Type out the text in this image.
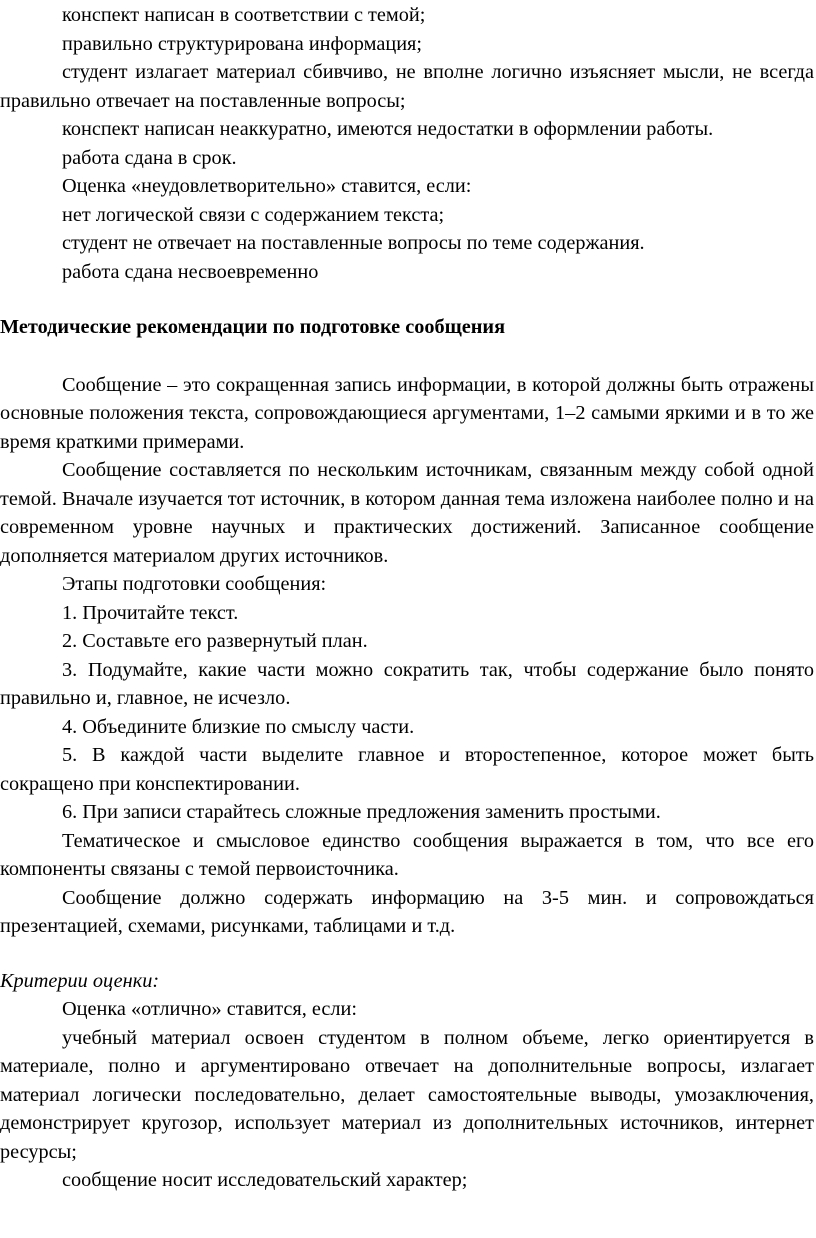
конспект написан в соответствии с темой;

правильно структурирована информация;

студент излагает материал сбивчиво, не вполне логично изъясняет мысли, не всегда правильно отвечает на поставленные вопросы;

конспект написан неаккуратно, имеются недостатки в оформлении работы.

работа сдана в срок.

Оценка «неудовлетворительно» ставится, если:

нет логической связи с содержанием текста;

студент не отвечает на поставленные вопросы по теме содержания.

работа сдана несвоевременно

Методические рекомендации по подготовке сообщения

Сообщение – это сокращенная запись информации, в которой должны быть отражены основные положения текста, сопровождающиеся аргументами, 1–2 самыми яркими и в то же время краткими примерами.

Сообщение составляется по нескольким источникам, связанным между собой одной темой. Вначале изучается тот источник, в котором данная тема изложена наиболее полно и на современном уровне научных и практических достижений. Записанное сообщение дополняется материалом других источников.

Этапы подготовки сообщения:

1. Прочитайте текст.

2. Составьте его развернутый план.

3. Подумайте, какие части можно сократить так, чтобы содержание было понято правильно и, главное, не исчезло.

4. Объедините близкие по смыслу части.

5. В каждой части выделите главное и второстепенное, которое может быть сокращено при конспектировании.

6. При записи старайтесь сложные предложения заменить простыми.

Тематическое и смысловое единство сообщения выражается в том, что все его компоненты связаны с темой первоисточника.

Сообщение должно содержать информацию на 3-5 мин. и сопровождаться презентацией, схемами, рисунками, таблицами и т.д.

Критерии оценки:

Оценка «отлично» ставится, если:

учебный материал освоен студентом в полном объеме, легко ориентируется в материале, полно и аргументировано отвечает на дополнительные вопросы, излагает материал логически последовательно, делает самостоятельные выводы, умозаключения, демонстрирует кругозор, использует материал из дополнительных источников, интернет ресурсы;

сообщение носит исследовательский характер;
